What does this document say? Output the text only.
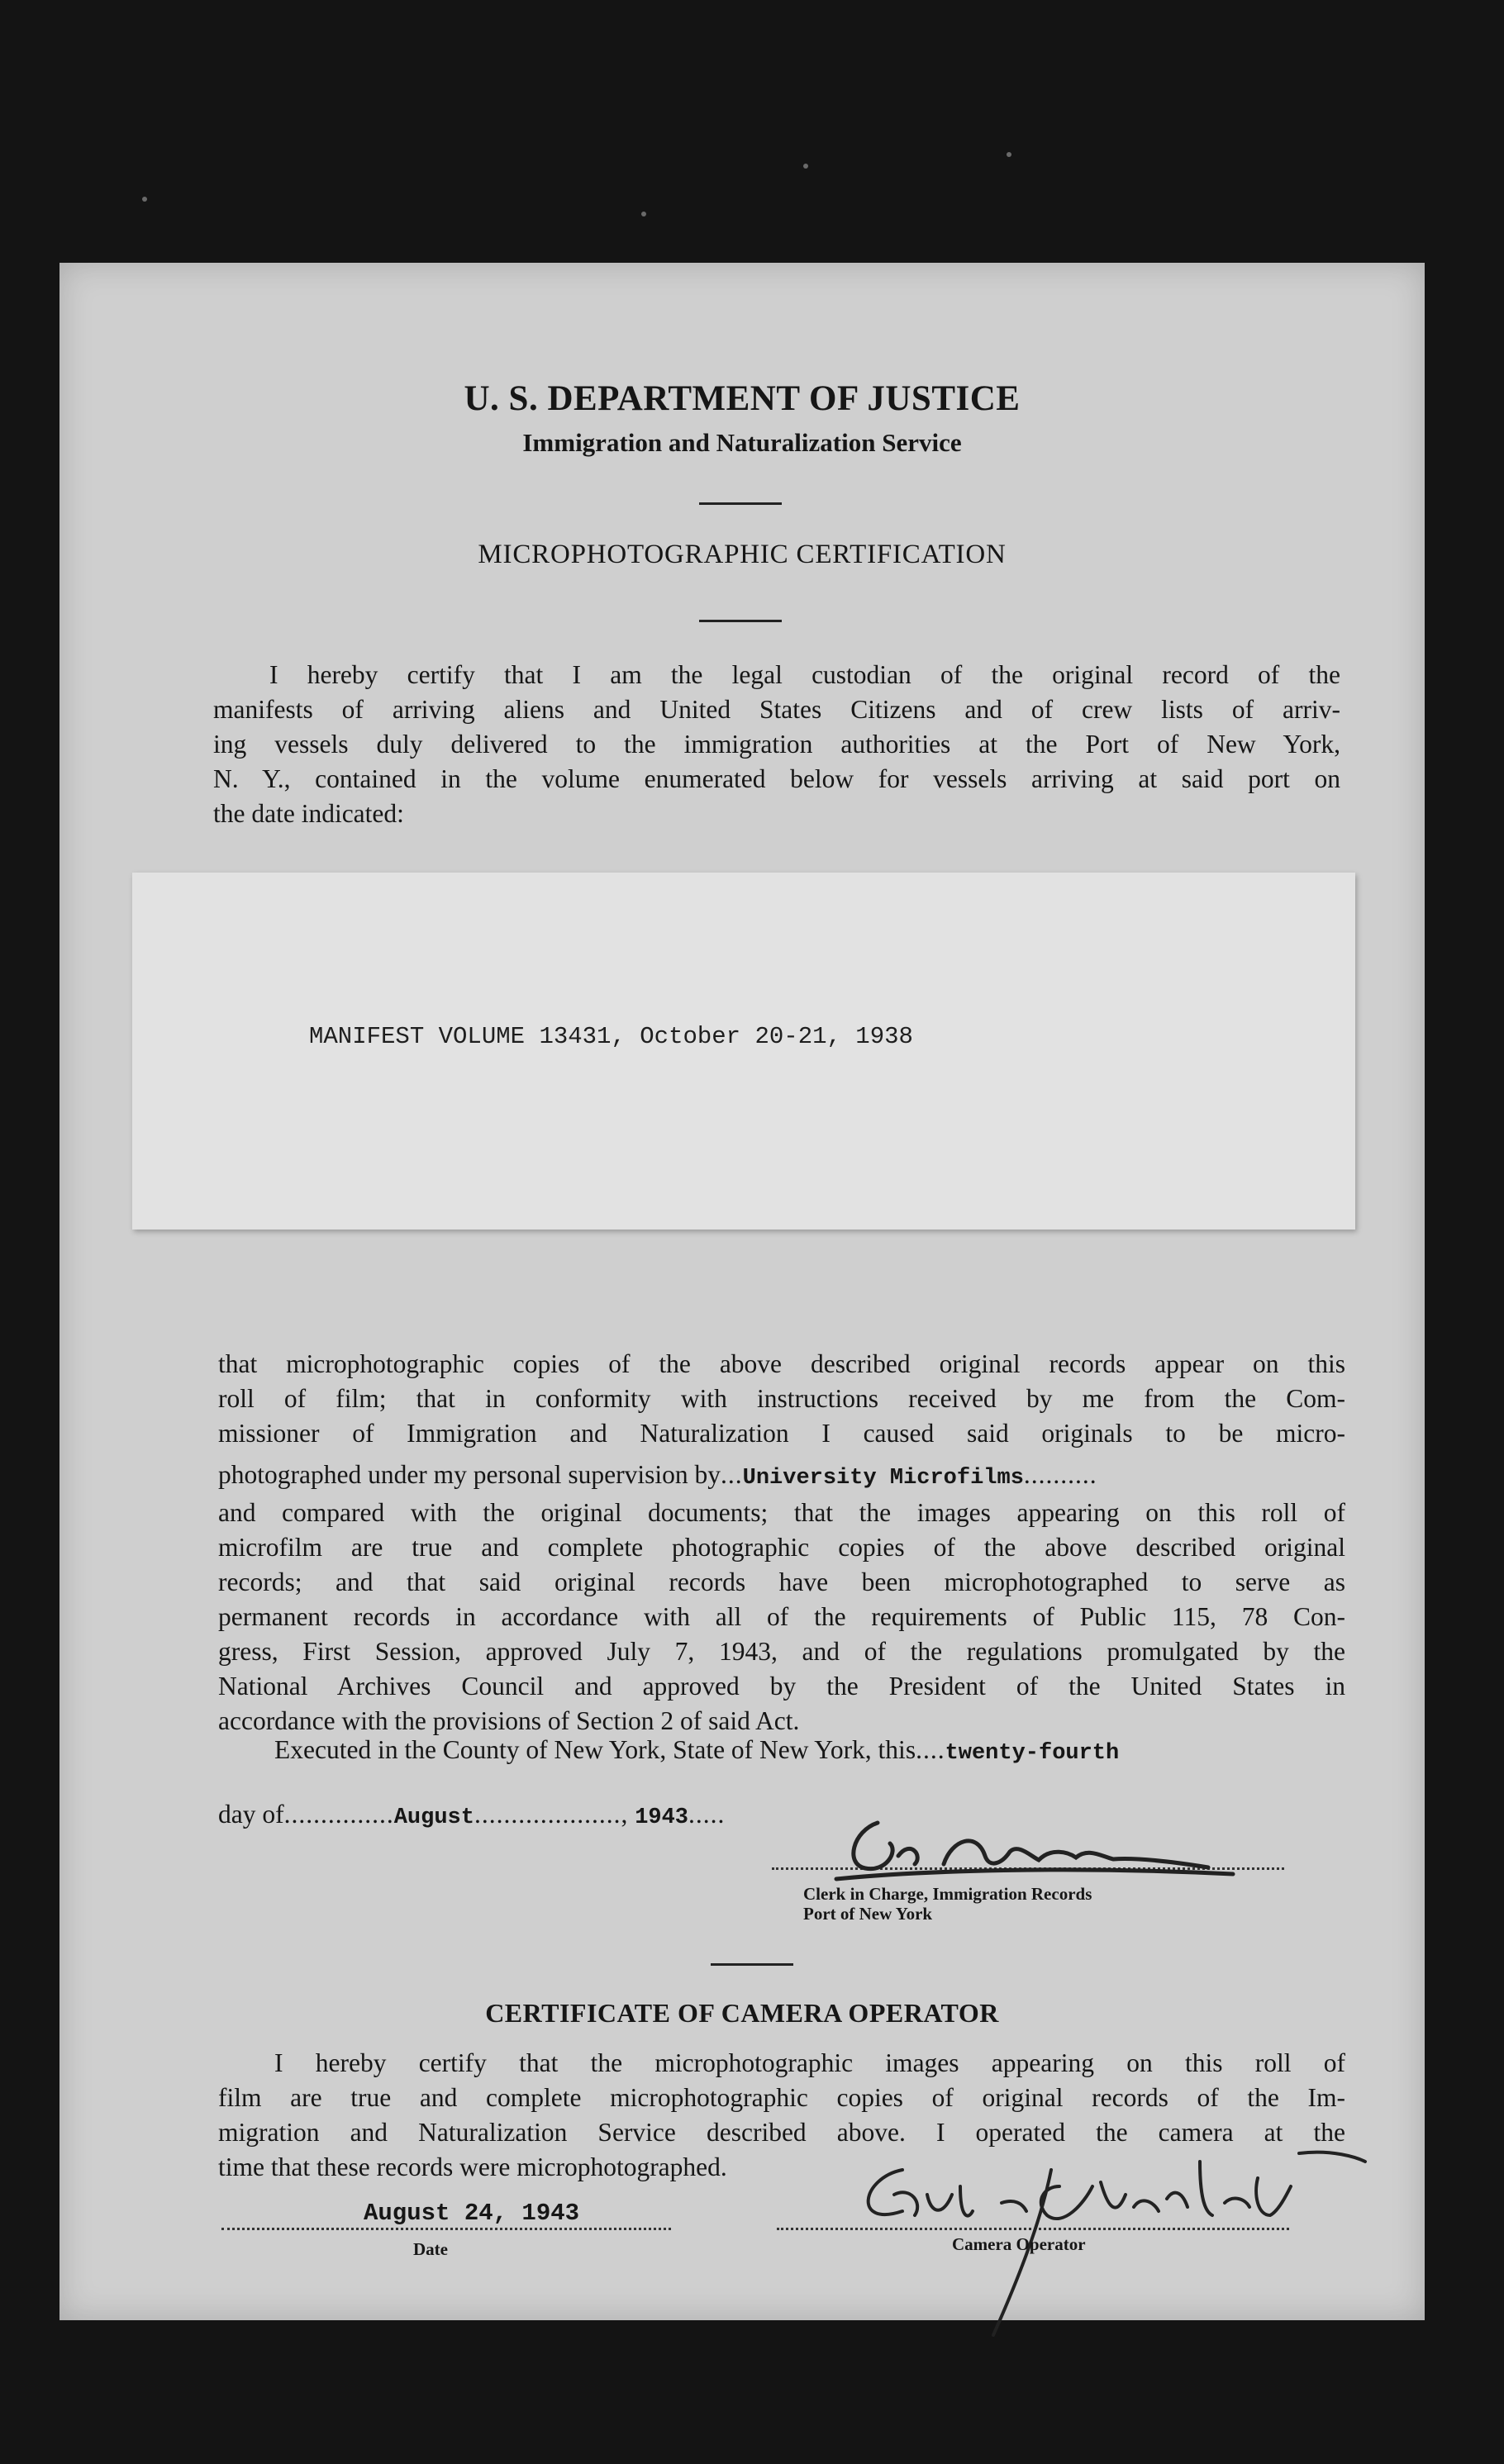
U. S. DEPARTMENT OF JUSTICE
Immigration and Naturalization Service
MICROPHOTOGRAPHIC CERTIFICATION
I hereby certify that I am the legal custodian of the original record of the
manifests of arriving aliens and United States Citizens and of crew lists of arriv-
ing vessels duly delivered to the immigration authorities at the Port of New York,
N. Y., contained in the volume enumerated below for vessels arriving at said port on
the date indicated:
MANIFEST VOLUME 13431, October 20-21, 1938
that microphotographic copies of the above described original records appear on this
roll of film; that in conformity with instructions received by me from the Com-
missioner of Immigration and Naturalization I caused said originals to be micro-
photographed under my personal supervision by...University Microfilms..........
and compared with the original documents; that the images appearing on this roll of
microfilm are true and complete photographic copies of the above described original
records; and that said original records have been microphotographed to serve as
permanent records in accordance with all of the requirements of Public 115, 78 Con-
gress, First Session, approved July 7, 1943, and of the regulations promulgated by the
National Archives Council and approved by the President of the United States in
accordance with the provisions of Section 2 of said Act.
Executed in the County of New York, State of New York, this....twenty-fourth
day of...............August...................., 1943.....
Clerk in Charge, Immigration Records
Port of New York
CERTIFICATE OF CAMERA OPERATOR
I hereby certify that the microphotographic images appearing on this roll of
film are true and complete microphotographic copies of original records of the Im-
migration and Naturalization Service described above. I operated the camera at the
time that these records were microphotographed.
August 24, 1943
Date	Camera Operator
